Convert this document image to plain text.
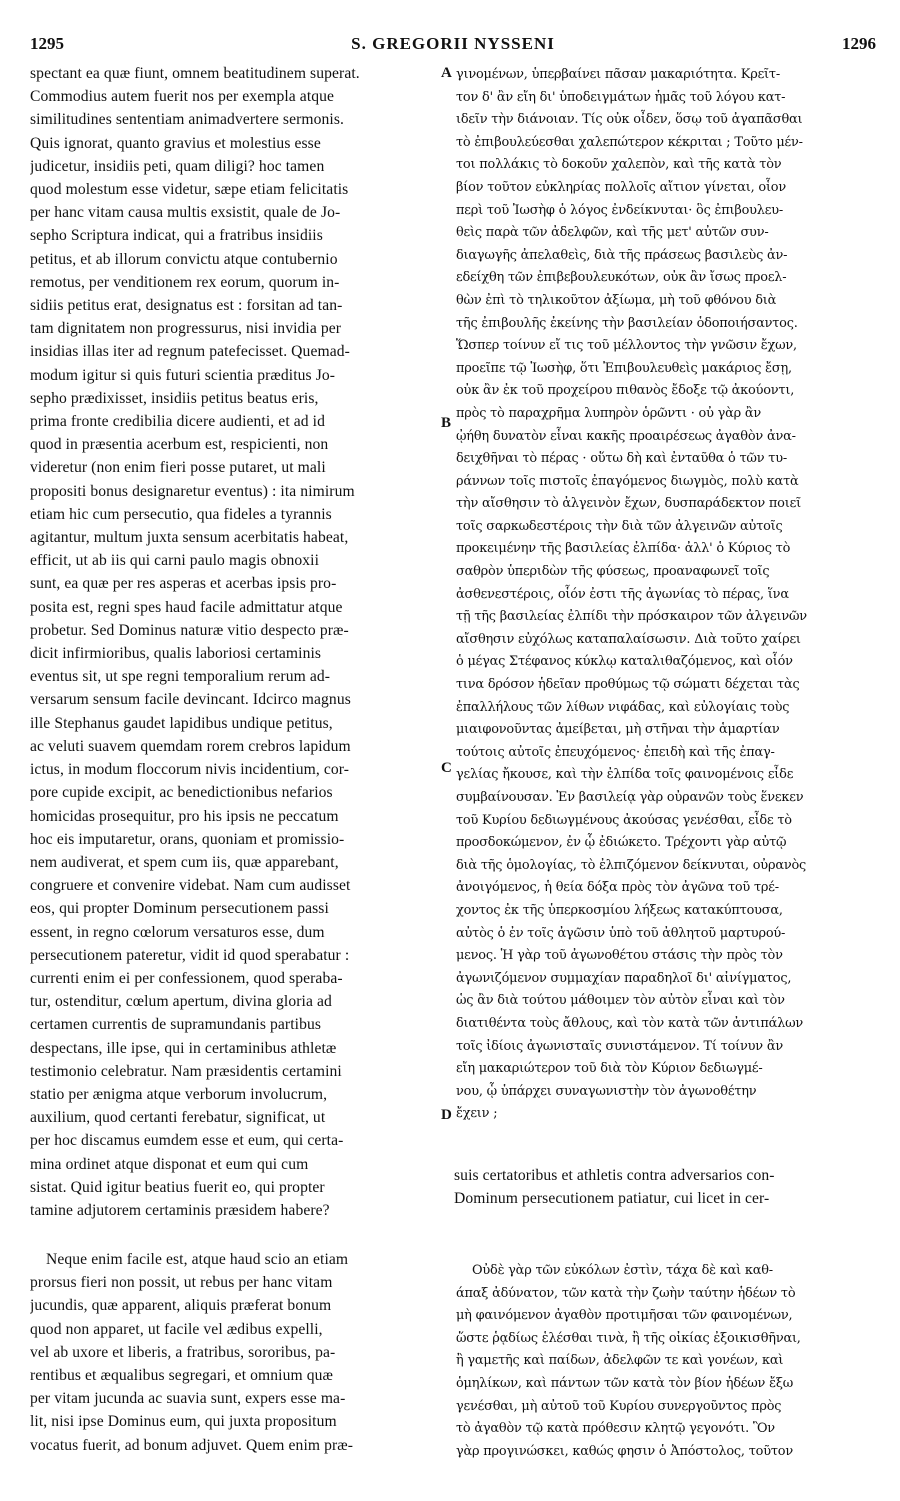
1295	S. GREGORII NYSSENI	1296
spectant ea quæ fiunt, omnem beatitudinem superat.
Commodius autem fuerit nos per exempla atque
similitudines sententiam animadvertere sermonis.
Quis ignorat, quanto gravius et molestius esse
judicetur, insidiis peti, quam diligi? hoc tamen
quod molestum esse videtur, sæpe etiam felicitatis
per hanc vitam causa multis exsistit, quale de Jo-
sepho Scriptura indicat, qui a fratribus insidiis
petitus, et ab illorum convictu atque contubernio
remotus, per venditionem rex eorum, quorum in-
sidiis petitus erat, designatus est : forsitan ad tan-
tam dignitatem non progressurus, nisi invidia per
insidias illas iter ad regnum patefecisset. Quemad-
modum igitur si quis futuri scientia præditus Jo-
sepho prædixisset, insidiis petitus beatus eris,
prima fronte credibilia dicere audienti, et ad id
quod in præsentia acerbum est, respicienti, non
videretur (non enim fieri posse putaret, ut mali
propositi bonus designaretur eventus) : ita nimirum
etiam hic cum persecutio, qua fideles a tyrannis
agitantur, multum juxta sensum acerbitatis habeat,
efficit, ut ab iis qui carni paulo magis obnoxii
sunt, ea quæ per res asperas et acerbas ipsis pro-
posita est, regni spes haud facile admittatur atque
probetur. Sed Dominus naturæ vitio despecto præ-
dicit infirmioribus, qualis laboriosi certaminis
eventus sit, ut spe regni temporalium rerum ad-
versarum sensum facile devincant. Idcirco magnus
ille Stephanus gaudet lapidibus undique petitus,
ac veluti suavem quemdam rorem crebros lapidum
ictus, in modum floccorum nivis incidentium, cor-
pore cupide excipit, ac benedictionibus nefarios
homicidas prosequitur, pro his ipsis ne peccatum
hoc eis imputaretur, orans, quoniam et promissio-
nem audiverat, et spem cum iis, quæ apparebant,
congruere et convenire videbat. Nam cum audisset
eos, qui propter Dominum persecutionem passi
essent, in regno cœlorum versaturos esse, dum
persecutionem pateretur, vidit id quod sperabatur :
currenti enim ei per confessionem, quod speraba-
tur, ostenditur, cœlum apertum, divina gloria ad
certamen currentis de supramundanis partibus
despectans, ille ipse, qui in certaminibus athletæ
testimonio celebratur. Nam præsidentis certamini
statio per ænigma atque verborum involucrum,
auxilium, quod certanti ferebatur, significat, ut
per hoc discamus eumdem esse et eum, qui certa-
mina ordinet atque disponat et eum qui cum
sistat. Quid igitur beatius fuerit eo, qui propter
tamine adjutorem certaminis præsidem habere?
Neque enim facile est, atque haud scio an etiam
prorsus fieri non possit, ut rebus per hanc vitam
jucundis, quæ apparent, aliquis præferat bonum
quod non apparet, ut facile vel ædibus expelli,
vel ab uxore et liberis, a fratribus, sororibus, pa-
rentibus et æqualibus segregari, et omnium quæ
per vitam jucunda ac suavia sunt, expers esse ma-
lit, nisi ipse Dominus eum, qui juxta propositum
vocatus fuerit, ad bonum adjuvet. Quem enim præ-
γινομένων, ὑπερβαίνει πᾶσαν μακαριότητα. Κρεῖτ-
τον δ' ἂν εἴη δι' ὑποδειγμάτων ἡμᾶς τοῦ λόγου κατ-
ιδεῖν τὴν διάνοιαν. Τίς οὐκ οἶδεν, ὅσῳ τοῦ ἀγαπᾶσθαι
τὸ ἐπιβουλεύεσθαι χαλεπώτερον κέκριται ; Τοῦτο μέν-
τοι πολλάκις τὸ δοκοῦν χαλεπὸν, καὶ τῆς κατὰ τὸν
βίον τοῦτον εὐκληρίας πολλοῖς αἴτιον γίνεται, οἷον
περὶ τοῦ Ἰωσὴφ ὁ λόγος ἐνδείκνυται· ὃς ἐπιβουλευ-
θεὶς παρὰ τῶν ἀδελφῶν, καὶ τῆς μετ' αὐτῶν συν-
διαγωγῆς ἀπελαθεὶς, διὰ τῆς πράσεως βασιλεὺς ἀν-
εδείχθη τῶν ἐπιβεβουλευκότων, οὐκ ἂν ἴσως προελ-
θὼν ἐπὶ τὸ τηλικοῦτον ἀξίωμα, μὴ τοῦ φθόνου διὰ
τῆς ἐπιβουλῆς ἐκείνης τὴν βασιλείαν ὁδοποιήσαντος.
Ὥσπερ τοίνυν εἴ τις τοῦ μέλλοντος τὴν γνῶσιν ἔχων,
προεῖπε τῷ Ἰωσὴφ, ὅτι Ἐπιβουλευθεὶς μακάριος ἔσῃ,
οὐκ ἂν ἐκ τοῦ προχείρου πιθανὸς ἔδοξε τῷ ἀκούοντι,
πρὸς τὸ παραχρῆμα λυπηρὸν ὁρῶντι · οὐ γὰρ ἂν
ᾠήθη δυνατὸν εἶναι κακῆς προαιρέσεως ἀγαθὸν ἀνα-
δειχθῆναι τὸ πέρας · οὕτω δὴ καὶ ἐνταῦθα ὁ τῶν τυ-
ράννων τοῖς πιστοῖς ἐπαγόμενος διωγμὸς, πολὺ κατὰ
τὴν αἴσθησιν τὸ ἀλγεινὸν ἔχων, δυσπαράδεκτον ποιεῖ
τοῖς σαρκωδεστέροις τὴν διὰ τῶν ἀλγεινῶν αὐτοῖς
προκειμένην τῆς βασιλείας ἐλπίδα· ἀλλ' ὁ Κύριος τὸ
σαθρὸν ὑπεριδὼν τῆς φύσεως, προαναφωνεῖ τοῖς
ἀσθενεστέροις, οἷόν ἐστι τῆς ἀγωνίας τὸ πέρας, ἵνα
τῇ τῆς βασιλείας ἐλπίδι τὴν πρόσκαιρον τῶν ἀλγεινῶν
αἴσθησιν εὐχόλως καταπαλαίσωσιν. Διὰ τοῦτο χαίρει
ὁ μέγας Στέφανος κύκλῳ καταλιθαζόμενος, καὶ οἷόν
τινα δρόσον ἡδεῖαν προθύμως τῷ σώματι δέχεται τὰς
ἐπαλλήλους τῶν λίθων νιφάδας, καὶ εὐλογίαις τοὺς
μιαιφονοῦντας ἀμείβεται, μὴ στῆναι τὴν ἁμαρτίαν
τούτοις αὐτοῖς ἐπευχόμενος· ἐπειδὴ καὶ τῆς ἐπαγ-
γελίας ἤκουσε, καὶ τὴν ἐλπίδα τοῖς φαινομένοις εἶδε
συμβαίνουσαν. Ἐν βασιλείᾳ γὰρ οὐρανῶν τοὺς ἕνεκεν
τοῦ Κυρίου δεδιωγμένους ἀκούσας γενέσθαι, εἶδε τὸ
προσδοκώμενον, ἐν ᾧ ἐδιώκετο. Τρέχοντι γὰρ αὐτῷ
διὰ τῆς ὁμολογίας, τὸ ἐλπιζόμενον δείκνυται, οὐρανὸς
ἀνοιγόμενος, ἡ θεία δόξα πρὸς τὸν ἀγῶνα τοῦ τρέ-
χοντος ἐκ τῆς ὑπερκοσμίου λήξεως κατακύπτουσα,
αὐτὸς ὁ ἐν τοῖς ἀγῶσιν ὑπὸ τοῦ ἀθλητοῦ μαρτυρού-
μενος. Ἡ γὰρ τοῦ ἀγωνοθέτου στάσις τὴν πρὸς τὸν
ἀγωνιζόμενον συμμαχίαν παραδηλοῖ δι' αἰνίγματος,
ὡς ἂν διὰ τούτου μάθοιμεν τὸν αὐτὸν εἶναι καὶ τὸν
διατιθέντα τοὺς ἄθλους, καὶ τὸν κατὰ τῶν ἀντιπάλων
τοῖς ἰδίοις ἀγωνισταῖς συνιστάμενον. Τί τοίνυν ἂν
εἴη μακαριώτερον τοῦ διὰ τὸν Κύριον δεδιωγμέ-
νου, ᾧ ὑπάρχει συναγωνιστὴν τὸν ἀγωνοθέτην
ἔχειν ;
suis certatoribus et athletis contra adversarios con-
Dominum persecutionem patiatur, cui licet in cer-
Οὐδὲ γὰρ τῶν εὐκόλων ἐστὶν, τάχα δὲ καὶ καθ-
άπαξ ἀδύνατον, τῶν κατὰ τὴν ζωὴν ταύτην ἡδέων τὸ
μὴ φαινόμενον ἀγαθὸν προτιμῆσαι τῶν φαινομένων,
ὥστε ῥᾳδίως ἑλέσθαι τινὰ, ἢ τῆς οἰκίας ἐξοικισθῆναι,
ἢ γαμετῆς καὶ παίδων, ἀδελφῶν τε καὶ γονέων, καὶ
ὁμηλίκων, καὶ πάντων τῶν κατὰ τὸν βίον ἡδέων ἔξω
γενέσθαι, μὴ αὐτοῦ τοῦ Κυρίου συνεργοῦντος πρὸς
τὸ ἀγαθὸν τῷ κατὰ πρόθεσιν κλητῷ γεγονότι. Ὃν
γὰρ προγινώσκει, καθώς φησιν ὁ Ἀπόστολος, τοῦτον
A
B
C
D
